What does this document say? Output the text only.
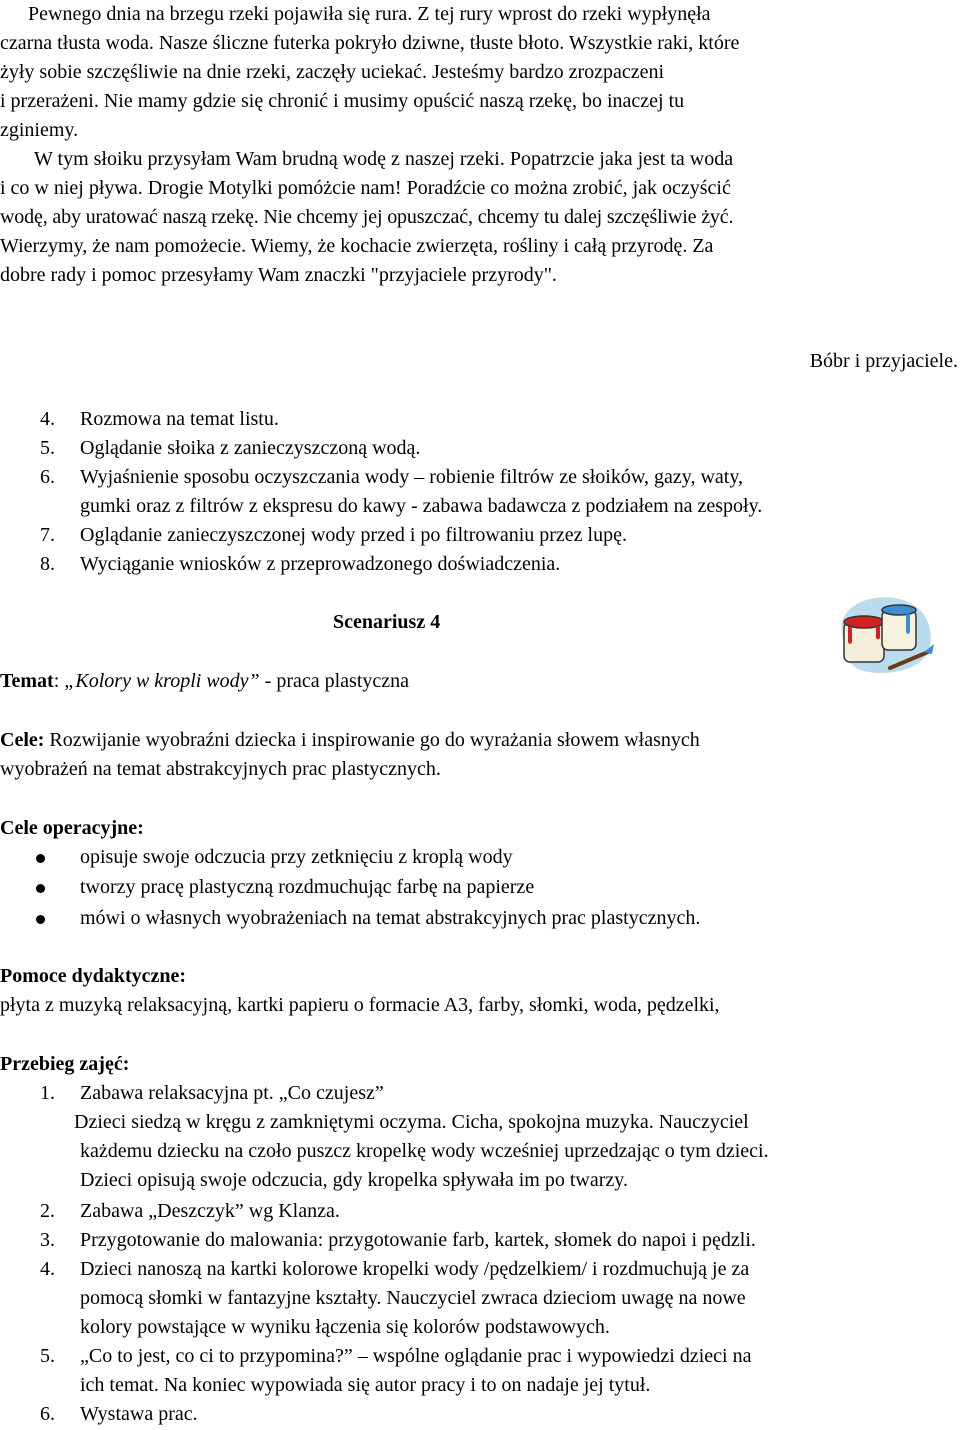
Pewnego dnia na brzegu rzeki pojawiła się rura. Z tej rury wprost do rzeki wypłynęła
czarna tłusta woda. Nasze śliczne futerka pokryło dziwne, tłuste błoto. Wszystkie raki, które
żyły sobie szczęśliwie na dnie rzeki, zaczęły uciekać. Jesteśmy bardzo zrozpaczeni
i przerażeni. Nie mamy gdzie się chronić i musimy opuścić naszą rzekę, bo inaczej tu
zginiemy.
W tym słoiku przysyłam Wam brudną wodę z naszej rzeki. Popatrzcie jaka jest ta woda
i co w niej pływa. Drogie Motylki pomóżcie nam! Poradźcie co można zrobić, jak oczyścić
wodę, aby uratować naszą rzekę. Nie chcemy jej opuszczać, chcemy tu dalej szczęśliwie żyć.
Wierzymy, że nam pomożecie. Wiemy, że kochacie zwierzęta, rośliny i całą przyrodę. Za
dobre rady i pomoc przesyłamy Wam znaczki "przyjaciele przyrody".
Bóbr i przyjaciele.
4. Rozmowa na temat listu.
5. Oglądanie słoika z zanieczyszczoną wodą.
6. Wyjaśnienie sposobu oczyszczania wody – robienie filtrów ze słoików, gazy, waty,
gumki oraz z filtrów z ekspresu do kawy - zabawa badawcza z podziałem na zespoły.
7. Oglądanie zanieczyszczonej wody przed i po filtrowaniu przez lupę.
8. Wyciąganie wniosków z przeprowadzonego doświadczenia.
Scenariusz 4
Temat: „Kolory w kropli wody” - praca plastyczna
Cele: Rozwijanie wyobraźni dziecka i inspirowanie go do wyrażania słowem własnych
wyobrażeń na temat abstrakcyjnych prac plastycznych.
Cele operacyjne:
opisuje swoje odczucia przy zetknięciu z kroplą wody
tworzy pracę plastyczną rozdmuchując farbę na papierze
mówi o własnych wyobrażeniach na temat abstrakcyjnych prac plastycznych.
Pomoce dydaktyczne:
płyta z muzyką relaksacyjną, kartki papieru o formacie A3, farby, słomki, woda, pędzelki,
Przebieg zajęć:
1. Zabawa relaksacyjna pt. „Co czujesz”
Dzieci siedzą w kręgu z zamkniętymi oczyma. Cicha, spokojna muzyka. Nauczyciel
każdemu dziecku na czoło puszcz kropelkę wody wcześniej uprzedzając o tym dzieci.
Dzieci opisują swoje odczucia, gdy kropelka spływała im po twarzy.
2. Zabawa „Deszczyk” wg Klanza.
3. Przygotowanie do malowania: przygotowanie farb, kartek, słomek do napoi i pędzli.
4. Dzieci nanoszą na kartki kolorowe kropelki wody /pędzelkiem/ i rozdmuchują je za
pomocą słomki w fantazyjne kształty. Nauczyciel zwraca dzieciom uwagę na nowe
kolory powstające w wyniku łączenia się kolorów podstawowych.
5. „Co to jest, co ci to przypomina?” – wspólne oglądanie prac i wypowiedzi dzieci na
ich temat. Na koniec wypowiada się autor pracy i to on nadaje jej tytuł.
6. Wystawa prac.
